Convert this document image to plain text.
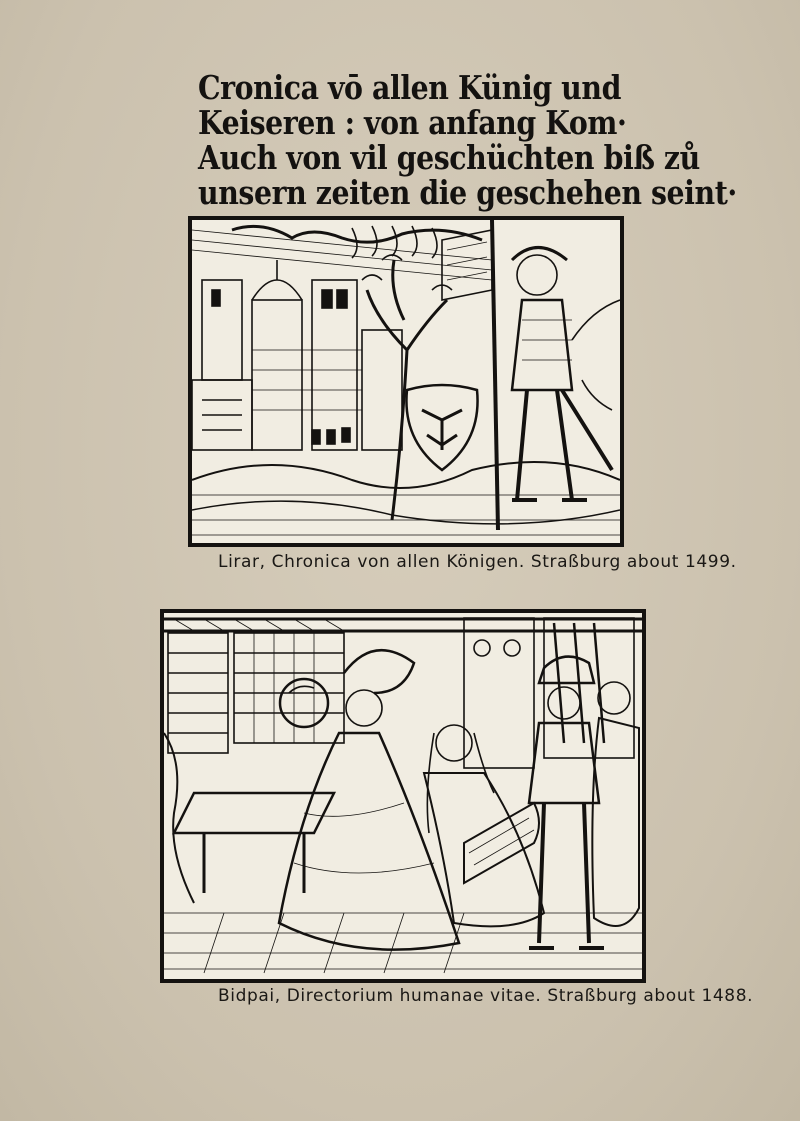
Cronica vō allen Künig und
Keiseren : von anfang Kom·
Auch von vil geschüchten biß zů
unsern zeiten die geschehen seint·
Lirar, Chronica von allen Königen. Straßburg about 1499.
Bidpai, Directorium humanae vitae. Straßburg about 1488.
